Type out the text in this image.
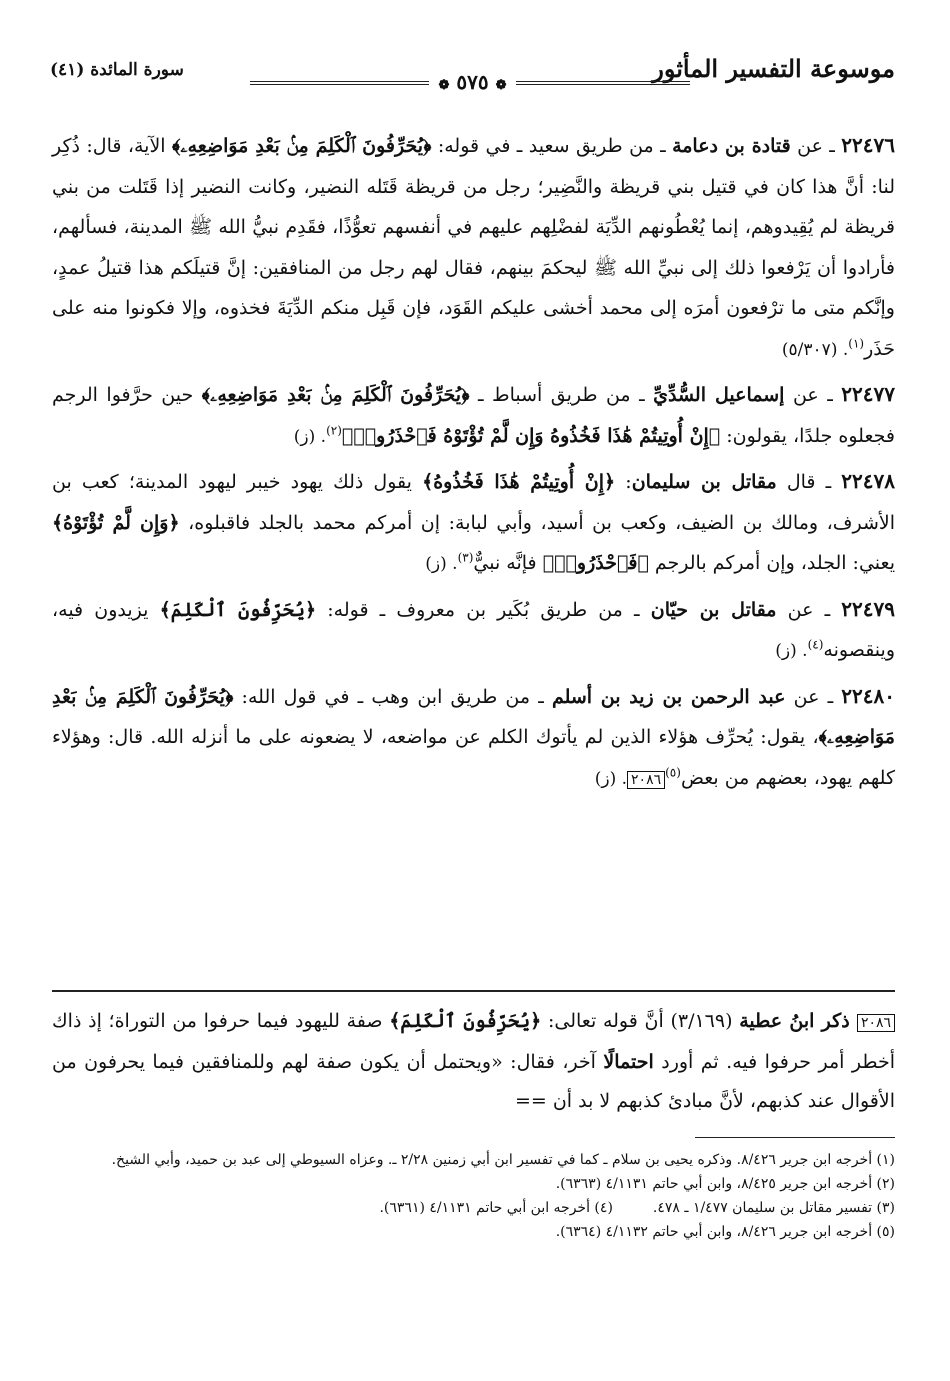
موسوعة التفسير المأثور
❁ ٥٧٥ ❁
سورة المائدة (٤١)

٢٢٤٧٦ ـ عن قتادة بن دعامة ـ من طريق سعيد ـ في قوله: ﴿يُحَرِّفُونَ ٱلْكَلِمَ مِنۢ بَعْدِ مَوَاضِعِهِۦ﴾ الآية، قال: ذُكِر لنا: أنَّ هذا كان في قتيل بني قريظة والنَّضِير؛ رجل من قريظة قَتَله النضير، وكانت النضير إذا قَتَلت من بني قريظة لم يُقِيدوهم، إنما يُعْطُونهم الدِّيَة لفضْلِهم عليهم في أنفسهم تعوُّذًا، فقَدِم نبيُّ الله ﷺ المدينة، فسألهم، فأرادوا أن يَرْفعوا ذلك إلى نبيِّ الله ﷺ ليحكمَ بينهم، فقال لهم رجل من المنافقين: إنَّ قتيلَكم هذا قتيلُ عمدٍ، وإنَّكم متى ما ترْفعون أمرَه إلى محمد أخشى عليكم القَوَد، فإن قَبِل منكم الدِّيَةَ فخذوه، وإلا فكونوا منه على حَذَر$^{(١)}$. (٥/٣٠٧)

٢٢٤٧٧ ـ عن إسماعيل السُّدِّيِّ ـ من طريق أسباط ـ ﴿يُحَرِّفُونَ ٱلْكَلِمَ مِنۢ بَعْدِ مَوَاضِعِهِۦ﴾ حين حرَّفوا الرجم فجعلوه جلدًا، يقولون: ﴿إِنْ أُوتِيتُمْ هَٰذَا فَخُذُوهُ وَإِن لَّمْ تُؤْتَوْهُ فَٱحْذَرُوا۟﴾$^{(٢)}$. (ز)

٢٢٤٧٨ ـ قال مقاتل بن سليمان: ﴿إِنْ أُوتِيتُمْ هَٰذَا فَخُذُوهُ﴾ يقول ذلك يهود خيبر ليهود المدينة؛ كعب بن الأشرف، ومالك بن الضيف، وكعب بن أسيد، وأبي لبابة: إن أمركم محمد بالجلد فاقبلوه، ﴿وَإِن لَّمْ تُؤْتَوْهُ﴾ يعني: الجلد، وإن أمركم بالرجم ﴿فَٱحْذَرُوا۟﴾ فإنَّه نبيٌّ$^{(٣)}$. (ز)

٢٢٤٧٩ ـ عن مقاتل بن حيّان ـ من طريق بُكَير بن معروف ـ قوله: ﴿يُحَرِّفُونَ ٱلْكَلِمَ﴾ يزيدون فيه، وينقصونه$^{(٤)}$. (ز)

٢٢٤٨٠ ـ عن عبد الرحمن بن زيد بن أسلم ـ من طريق ابن وهب ـ في قول الله: ﴿يُحَرِّفُونَ ٱلْكَلِمَ مِنۢ بَعْدِ مَوَاضِعِهِۦ﴾، يقول: يُحرِّف هؤلاء الذين لم يأتوك الكلم عن مواضعه، لا يضعونه على ما أنزله الله. قال: وهؤلاء كلهم يهود، بعضهم من بعض$^{(٥)}$٢٠٨٦. (ز)

٢٠٨٦ ذكر ابنُ عطية (٣/١٦٩) أنَّ قوله تعالى: ﴿يُحَرِّفُونَ ٱلْكَلِمَ﴾ صفة لليهود فيما حرفوا من التوراة؛ إذ ذاك أخطر أمر حرفوا فيه. ثم أورد احتمالًا آخر، فقال: «ويحتمل أن يكون صفة لهم وللمنافقين فيما يحرفون من الأقوال عند كذبهم، لأنَّ مبادئ كذبهم لا بد أن ==

(١) أخرجه ابن جرير ٨/٤٢٦. وذكره يحيى بن سلام ـ كما في تفسير ابن أبي زمنين ٢/٢٨ ـ. وعزاه السيوطي إلى عبد بن حميد، وأبي الشيخ.

(٢) أخرجه ابن جرير ٨/٤٢٥، وابن أبي حاتم ٤/١١٣١ (٦٣٦٣).

(٣) تفسير مقاتل بن سليمان ١/٤٧٧ ـ ٤٧٨.

(٤) أخرجه ابن أبي حاتم ٤/١١٣١ (٦٣٦١).

(٥) أخرجه ابن جرير ٨/٤٢٦، وابن أبي حاتم ٤/١١٣٢ (٦٣٦٤).
